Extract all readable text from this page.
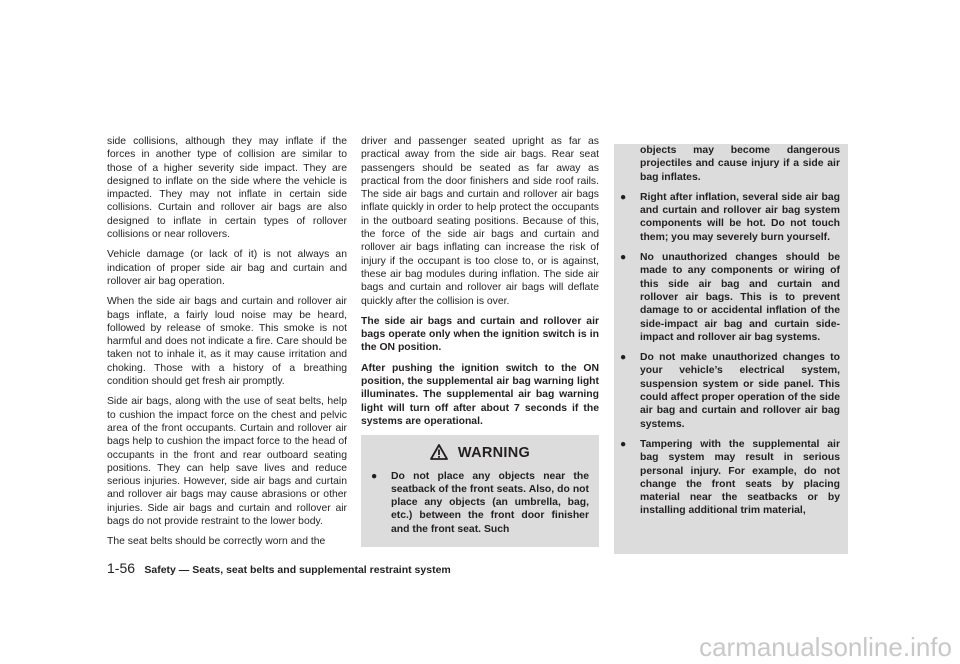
side collisions, although they may inflate if the forces in another type of collision are similar to those of a higher severity side impact. They are designed to inflate on the side where the vehicle is impacted. They may not inflate in certain side collisions. Curtain and rollover air bags are also designed to inflate in certain types of rollover collisions or near rollovers.

Vehicle damage (or lack of it) is not always an indication of proper side air bag and curtain and rollover air bag operation.

When the side air bags and curtain and rollover air bags inflate, a fairly loud noise may be heard, followed by release of smoke. This smoke is not harmful and does not indicate a fire. Care should be taken not to inhale it, as it may cause irritation and choking. Those with a history of a breathing condition should get fresh air promptly.

Side air bags, along with the use of seat belts, help to cushion the impact force on the chest and pelvic area of the front occupants. Curtain and rollover air bags help to cushion the impact force to the head of occupants in the front and rear outboard seating positions. They can help save lives and reduce serious injuries. However, side air bags and curtain and rollover air bags may cause abrasions or other injuries. Side air bags and curtain and rollover air bags do not provide restraint to the lower body.

The seat belts should be correctly worn and the

driver and passenger seated upright as far as practical away from the side air bags. Rear seat passengers should be seated as far away as practical from the door finishers and side roof rails. The side air bags and curtain and rollover air bags inflate quickly in order to help protect the occupants in the outboard seating positions. Because of this, the force of the side air bags and curtain and rollover air bags inflating can increase the risk of injury if the occupant is too close to, or is against, these air bag modules during inflation. The side air bags and curtain and rollover air bags will deflate quickly after the collision is over.

The side air bags and curtain and rollover air bags operate only when the ignition switch is in the ON position.

After pushing the ignition switch to the ON position, the supplemental air bag warning light illuminates. The supplemental air bag warning light will turn off after about 7 seconds if the systems are operational.

WARNING
● Do not place any objects near the seatback of the front seats. Also, do not place any objects (an umbrella, bag, etc.) between the front door finisher and the front seat. Such

objects may become dangerous projectiles and cause injury if a side air bag inflates.

● Right after inflation, several side air bag and curtain and rollover air bag system components will be hot. Do not touch them; you may severely burn yourself.
● No unauthorized changes should be made to any components or wiring of this side air bag and curtain and rollover air bags. This is to prevent damage to or accidental inflation of the side-impact air bag and curtain side-impact and rollover air bag systems.
● Do not make unauthorized changes to your vehicle’s electrical system, suspension system or side panel. This could affect proper operation of the side air bag and curtain and rollover air bag systems.
● Tampering with the supplemental air bag system may result in serious personal injury. For example, do not change the front seats by placing material near the seatbacks or by installing additional trim material,
1-56 Safety — Seats, seat belts and supplemental restraint system
carmanualsonline.info
